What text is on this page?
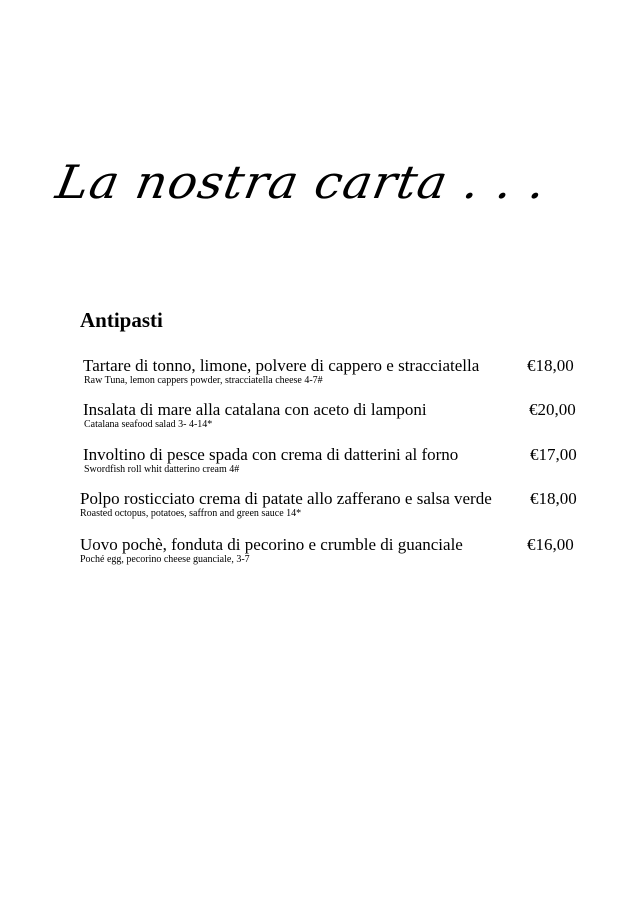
La nostra carta . . .
Antipasti
Tartare di tonno, limone, polvere di cappero e stracciatella
Raw Tuna, lemon cappers powder, stracciatella cheese 4-7#
€18,00
Insalata di mare alla catalana con aceto di lamponi
Catalana seafood salad 3- 4-14*
€20,00
Involtino di pesce spada con crema di datterini al forno
Swordfish roll whit datterino cream 4#
€17,00
Polpo rosticciato crema di patate allo zafferano e salsa verde
Roasted octopus, potatoes, saffron and green sauce 14*
€18,00
Uovo pochè, fonduta di pecorino e crumble di guanciale
Poché egg, pecorino cheese guanciale, 3-7
€16,00
